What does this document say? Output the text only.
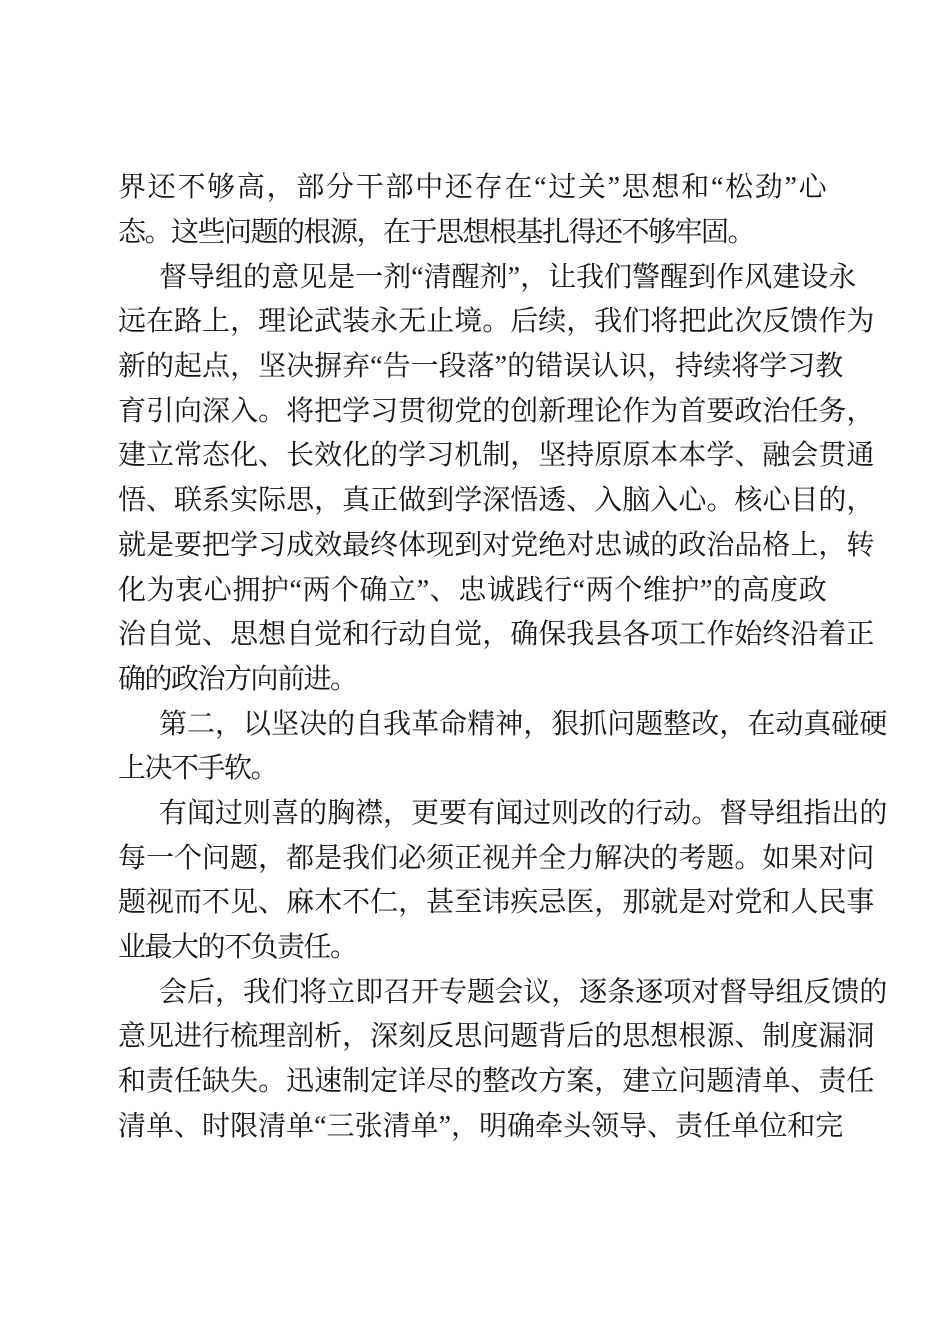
界 还 不 够 高 ， 部 分 干 部 中 还 存 在 “ 过 关 ” 思 想 和 “ 松 劲 ” 心
态。这些问题的根源，在于思想根基扎得还不够牢固。
督 导 组 的 意 见 是 一 剂 “ 清 醒 剂 ” ， 让 我 们 警 醒 到 作 风 建 设 永
远 在 路 上 ， 理 论 武 装 永 无 止 境 。 后 续 ， 我 们 将 把 此 次 反 馈 作 为
新 的 起 点 ， 坚 决 摒 弃 “ 告 一 段 落 ” 的 错 误 认 识 ， 持 续 将 学 习 教
育 引 向 深 入 。 将 把 学 习 贯 彻 党 的 创 新 理 论 作 为 首 要 政 治 任 务 ，
建 立 常 态 化 、 长 效 化 的 学 习 机 制 ， 坚 持 原 原 本 本 学 、 融 会 贯 通
悟 、 联 系 实 际 思 ， 真 正 做 到 学 深 悟 透 、 入 脑 入 心 。 核 心 目 的 ，
就 是 要 把 学 习 成 效 最 终 体 现 到 对 党 绝 对 忠 诚 的 政 治 品 格 上 ， 转
化 为 衷 心 拥 护 “ 两 个 确 立 ” 、 忠 诚 践 行 “ 两 个 维 护 ” 的 高 度 政
治 自 觉 、 思 想 自 觉 和 行 动 自 觉 ， 确 保 我 县 各 项 工 作 始 终 沿 着 正
确的政治方向前进。
第 二 ， 以 坚 决 的 自 我 革 命 精 神 ， 狠 抓 问 题 整 改 ， 在 动 真 碰 硬
上决不手软。
有 闻 过 则 喜 的 胸 襟 ， 更 要 有 闻 过 则 改 的 行 动 。 督 导 组 指 出 的
每 一 个 问 题 ， 都 是 我 们 必 须 正 视 并 全 力 解 决 的 考 题 。 如 果 对 问
题 视 而 不 见 、 麻 木 不 仁 ， 甚 至 讳 疾 忌 医 ， 那 就 是 对 党 和 人 民 事
业最大的不负责任。
会 后 ， 我 们 将 立 即 召 开 专 题 会 议 ， 逐 条 逐 项 对 督 导 组 反 馈 的
意 见 进 行 梳 理 剖 析 ， 深 刻 反 思 问 题 背 后 的 思 想 根 源 、 制 度 漏 洞
和 责 任 缺 失 。 迅 速 制 定 详 尽 的 整 改 方 案 ， 建 立 问 题 清 单 、 责 任
清 单 、 时 限 清 单 “ 三 张 清 单 ” ， 明 确 牵 头 领 导 、 责 任 单 位 和 完
